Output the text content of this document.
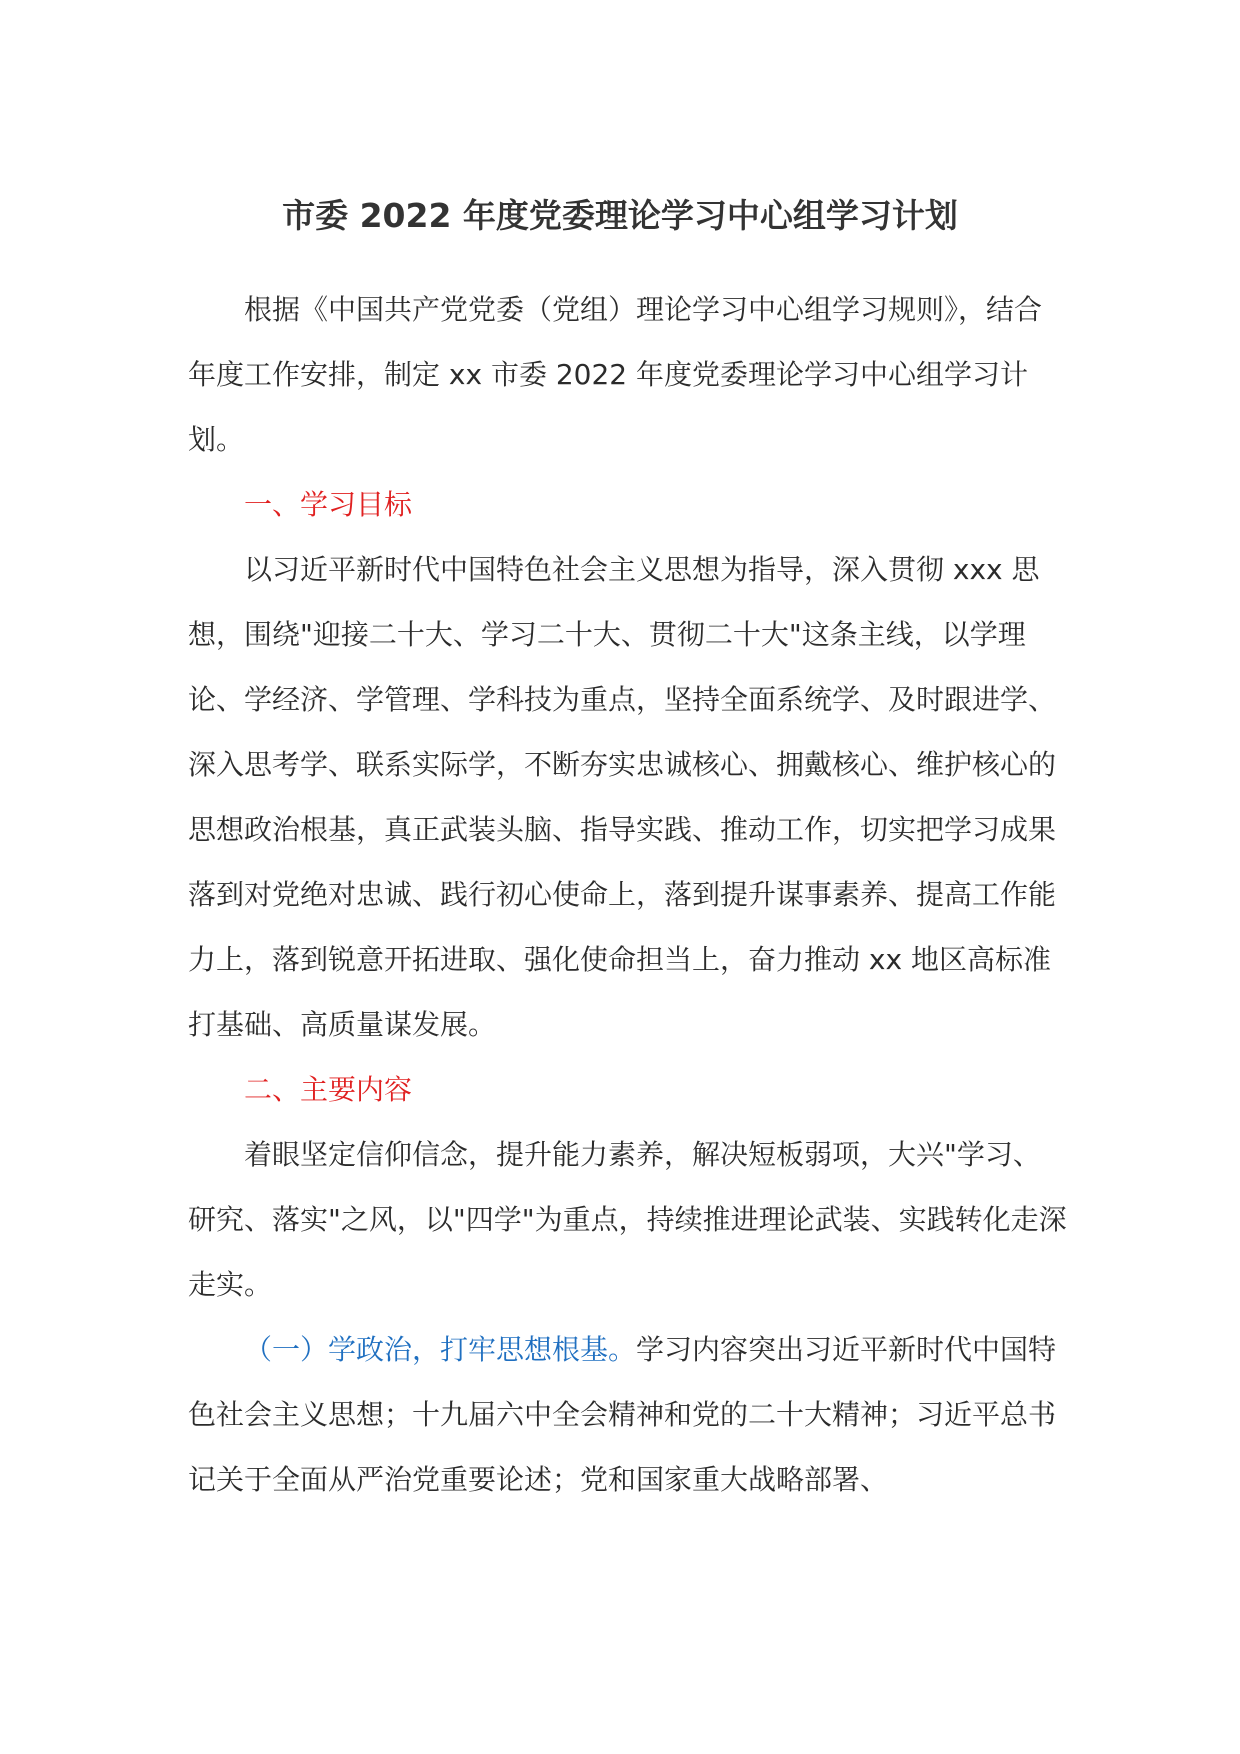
市委 2022 年度党委理论学习中心组学习计划

根据《中国共产党党委（党组）理论学习中心组学习规则》，结合年度工作安排，制定 xx 市委 2022 年度党委理论学习中心组学习计划。

一、学习目标

以习近平新时代中国特色社会主义思想为指导，深入贯彻 xxx 思想，围绕"迎接二十大、学习二十大、贯彻二十大"这条主线，以学理论、学经济、学管理、学科技为重点，坚持全面系统学、及时跟进学、深入思考学、联系实际学，不断夯实忠诚核心、拥戴核心、维护核心的思想政治根基，真正武装头脑、指导实践、推动工作，切实把学习成果落到对党绝对忠诚、践行初心使命上，落到提升谋事素养、提高工作能力上，落到锐意开拓进取、强化使命担当上，奋力推动 xx 地区高标准打基础、高质量谋发展。

二、主要内容

着眼坚定信仰信念，提升能力素养，解决短板弱项，大兴"学习、研究、落实"之风，以"四学"为重点，持续推进理论武装、实践转化走深走实。

（一）学政治，打牢思想根基。学习内容突出习近平新时代中国特色社会主义思想；十九届六中全会精神和党的二十大精神；习近平总书记关于全面从严治党重要论述；党和国家重大战略部署、
